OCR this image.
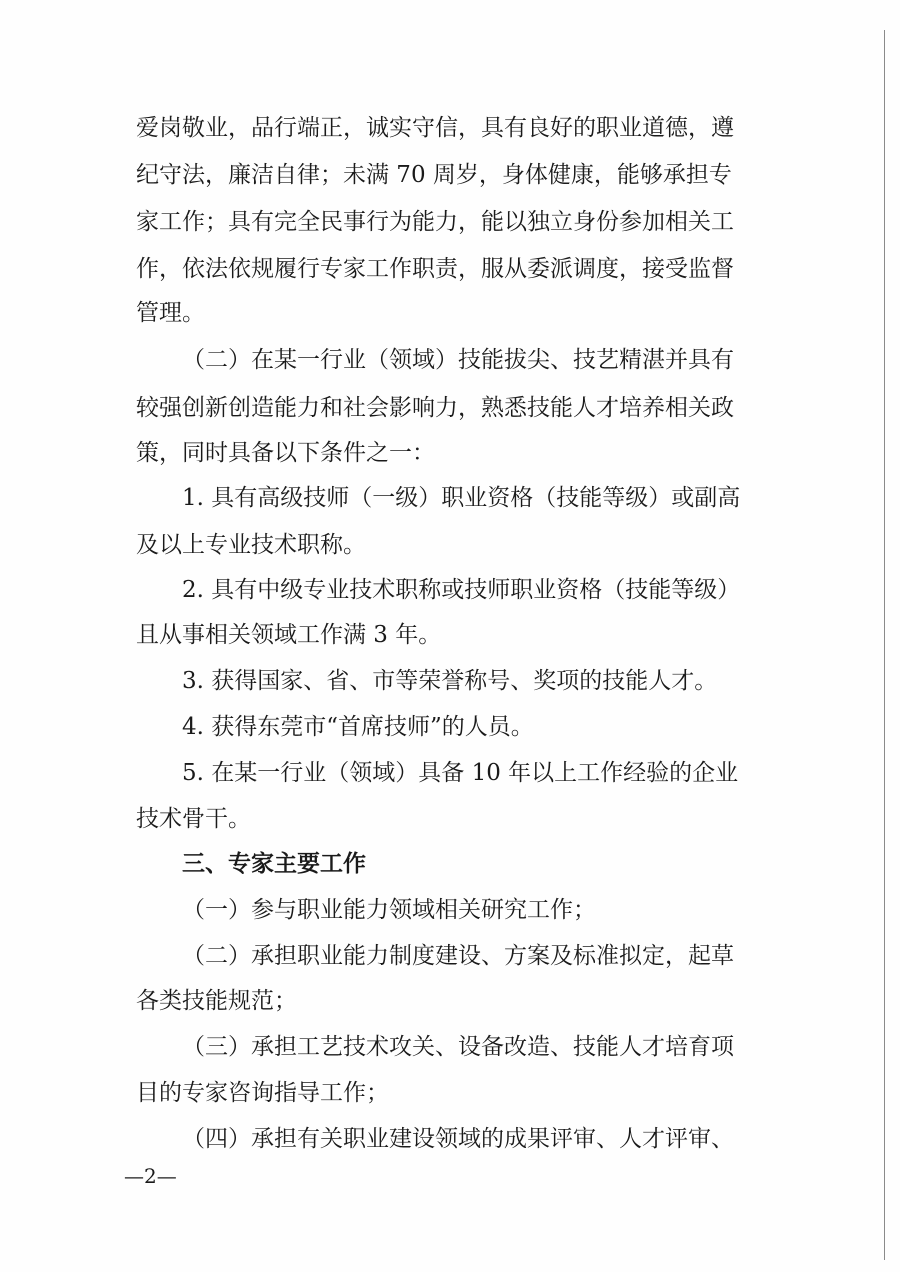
爱岗敬业，品行端正，诚实守信，具有良好的职业道德，遵
纪守法，廉洁自律；未满 70 周岁，身体健康，能够承担专
家工作；具有完全民事行为能力，能以独立身份参加相关工
作，依法依规履行专家工作职责，服从委派调度，接受监督
管理。
（二）在某一行业（领域）技能拔尖、技艺精湛并具有
较强创新创造能力和社会影响力，熟悉技能人才培养相关政
策，同时具备以下条件之一：
1. 具有高级技师（一级）职业资格（技能等级）或副高
及以上专业技术职称。
2. 具有中级专业技术职称或技师职业资格（技能等级）
且从事相关领域工作满 3 年。
3. 获得国家、省、市等荣誉称号、奖项的技能人才。
4. 获得东莞市“首席技师”的人员。
5. 在某一行业（领域）具备 10 年以上工作经验的企业
技术骨干。
三、专家主要工作
（一）参与职业能力领域相关研究工作；
（二）承担职业能力制度建设、方案及标准拟定，起草
各类技能规范；
（三）承担工艺技术攻关、设备改造、技能人才培育项
目的专家咨询指导工作；
（四）承担有关职业建设领域的成果评审、人才评审、
—2—
